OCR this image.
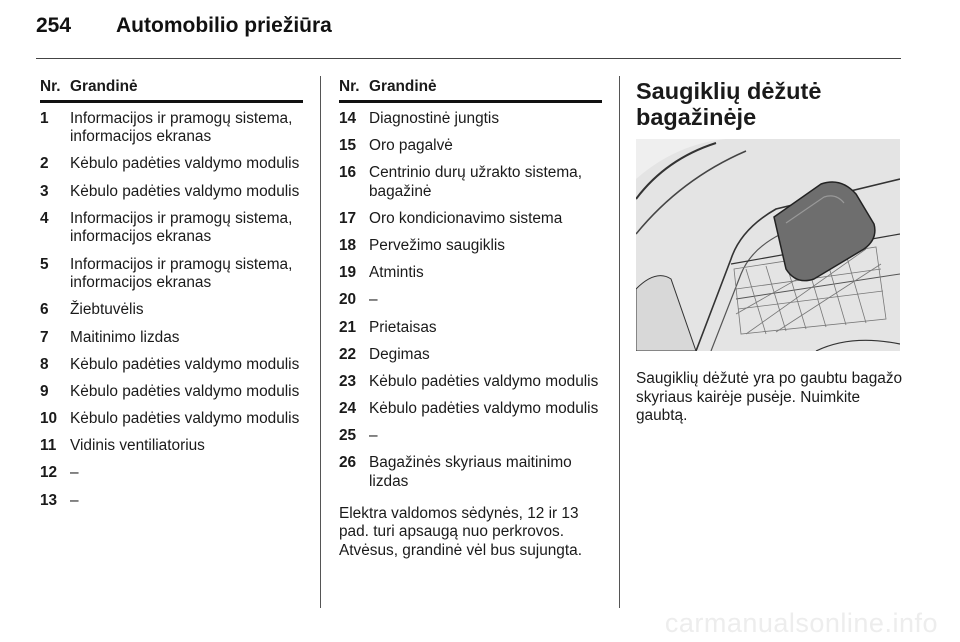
254 Automobilio priežiūra
Nr. Grandinė
1	Informacijos ir pramogų sistema, informacijos ekranas
2	Kėbulo padėties valdymo modulis
3	Kėbulo padėties valdymo modulis
4	Informacijos ir pramogų sistema, informacijos ekranas
5	Informacijos ir pramogų sistema, informacijos ekranas
6	Žiebtuvėlis
7	Maitinimo lizdas
8	Kėbulo padėties valdymo modulis
9	Kėbulo padėties valdymo modulis
10 Kėbulo padėties valdymo modulis
11 Vidinis ventiliatorius
12 –
13 –
Nr. Grandinė
14 Diagnostinė jungtis
15 Oro pagalvė
16 Centrinio durų užrakto sistema, bagažinė
17 Oro kondicionavimo sistema
18 Pervežimo saugiklis
19 Atmintis
20 –
21 Prietaisas
22 Degimas
23 Kėbulo padėties valdymo modulis
24 Kėbulo padėties valdymo modulis
25 –
26 Bagažinės skyriaus maitinimo lizdas
Elektra valdomos sėdynės, 12 ir 13 pad. turi apsaugą nuo perkrovos. Atvėsus, grandinė vėl bus sujungta.
Saugiklių dėžutė bagažinėje
Saugiklių dėžutė yra po gaubtu bagažo skyriaus kairėje pusėje. Nuimkite gaubtą.
carmanualsonline.info
